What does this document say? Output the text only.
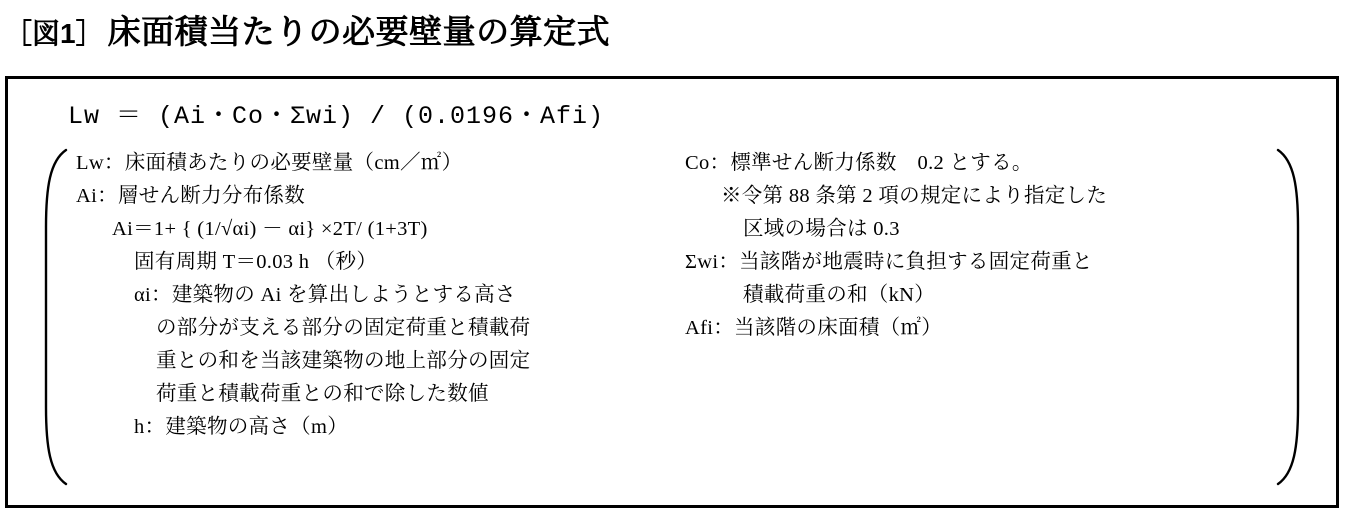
［図1］ 床面積当たりの必要壁量の算定式
Lw ＝ (Ai・Co・Σwi) / (0.0196・Afi)
Lw：床面積あたりの必要壁量（cm／㎡）
Ai：層せん断力分布係数
Ai＝1+ { (1/√αi) － αi} ×2T/ (1+3T)
固有周期 T＝0.03 h （秒）
αi：建築物の Ai を算出しようとする高さ
の部分が支える部分の固定荷重と積載荷
重との和を当該建築物の地上部分の固定
荷重と積載荷重との和で除した数値
h：建築物の高さ（m）
Co：標準せん断力係数　0.2 とする。
※令第 88 条第 2 項の規定により指定した
区域の場合は 0.3
Σwi：当該階が地震時に負担する固定荷重と
積載荷重の和（kN）
Afi：当該階の床面積（㎡）
